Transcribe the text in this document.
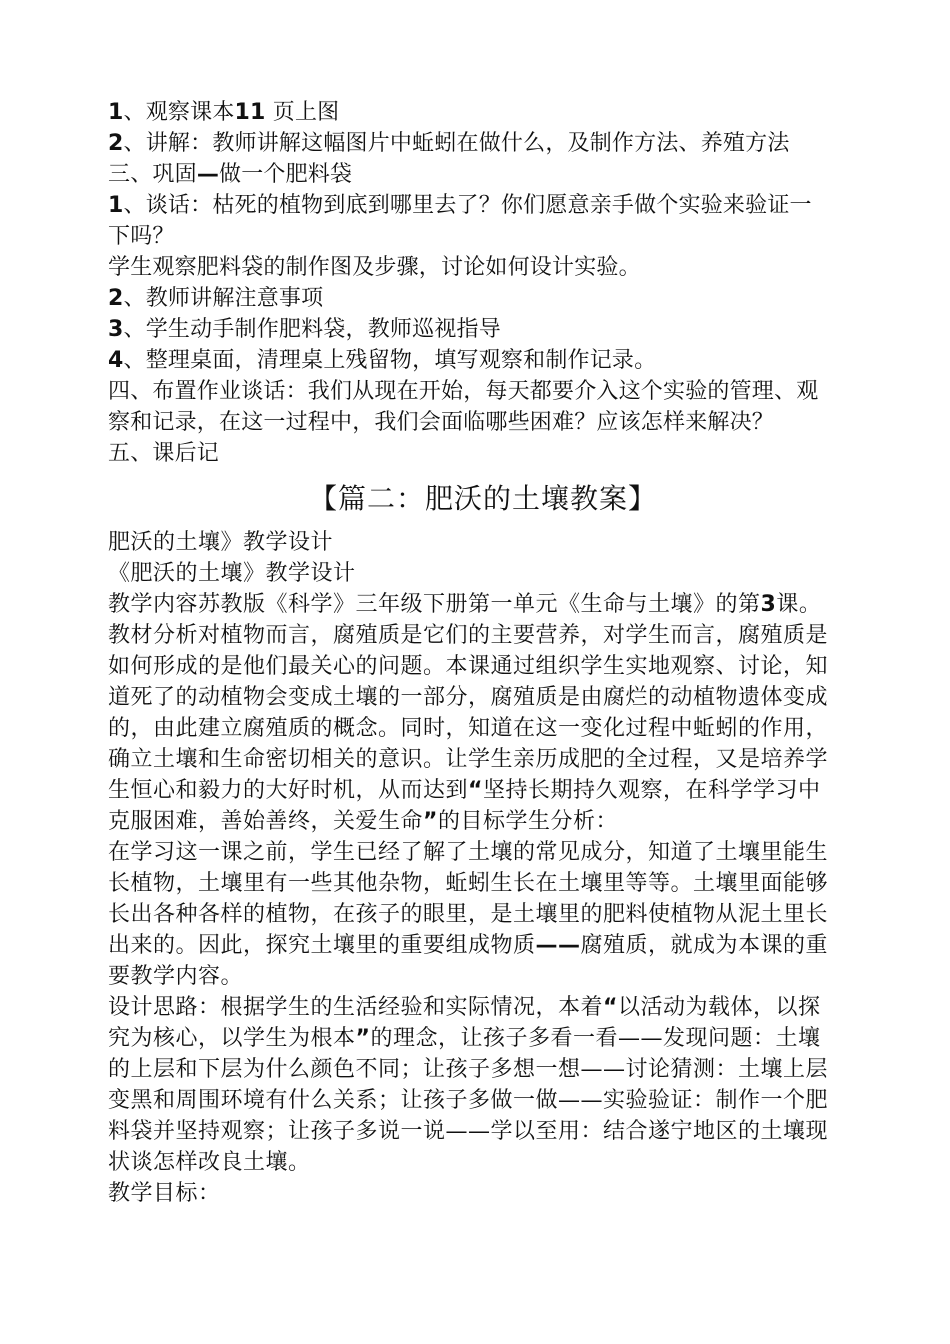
1、观察课本11 页上图
2、讲解：教师讲解这幅图片中蚯蚓在做什么，及制作方法、养殖方法
三、巩固—做一个肥料袋
1、谈话：枯死的植物到底到哪里去了？你们愿意亲手做个实验来验证一
下吗？
学生观察肥料袋的制作图及步骤，讨论如何设计实验。
2、教师讲解注意事项
3、学生动手制作肥料袋，教师巡视指导
4、整理桌面，清理桌上残留物，填写观察和制作记录。
四、布置作业谈话：我们从现在开始，每天都要介入这个实验的管理、观
察和记录，在这一过程中，我们会面临哪些困难？应该怎样来解决？
五、课后记
【篇二：肥沃的土壤教案】
肥沃的土壤》教学设计
《肥沃的土壤》教学设计
教学内容苏教版《科学》三年级下册第一单元《生命与土壤》的第3课。
教材分析对植物而言，腐殖质是它们的主要营养，对学生而言，腐殖质是
如何形成的是他们最关心的问题。本课通过组织学生实地观察、讨论，知
道死了的动植物会变成土壤的一部分，腐殖质是由腐烂的动植物遗体变成
的，由此建立腐殖质的概念。同时，知道在这一变化过程中蚯蚓的作用，
确立土壤和生命密切相关的意识。让学生亲历成肥的全过程，又是培养学
生恒心和毅力的大好时机，从而达到“坚持长期持久观察，在科学学习中
克服困难，善始善终，关爱生命”的目标学生分析：
在学习这一课之前，学生已经了解了土壤的常见成分，知道了土壤里能生
长植物，土壤里有一些其他杂物，蚯蚓生长在土壤里等等。土壤里面能够
长出各种各样的植物，在孩子的眼里，是土壤里的肥料使植物从泥土里长
出来的。因此，探究土壤里的重要组成物质——腐殖质，就成为本课的重
要教学内容。
设计思路：根据学生的生活经验和实际情况，本着“以活动为载体，以探
究为核心，以学生为根本”的理念，让孩子多看一看——发现问题：土壤
的上层和下层为什么颜色不同；让孩子多想一想——讨论猜测：土壤上层
变黑和周围环境有什么关系；让孩子多做一做——实验验证：制作一个肥
料袋并坚持观察；让孩子多说一说——学以至用：结合遂宁地区的土壤现
状谈怎样改良土壤。
教学目标：
